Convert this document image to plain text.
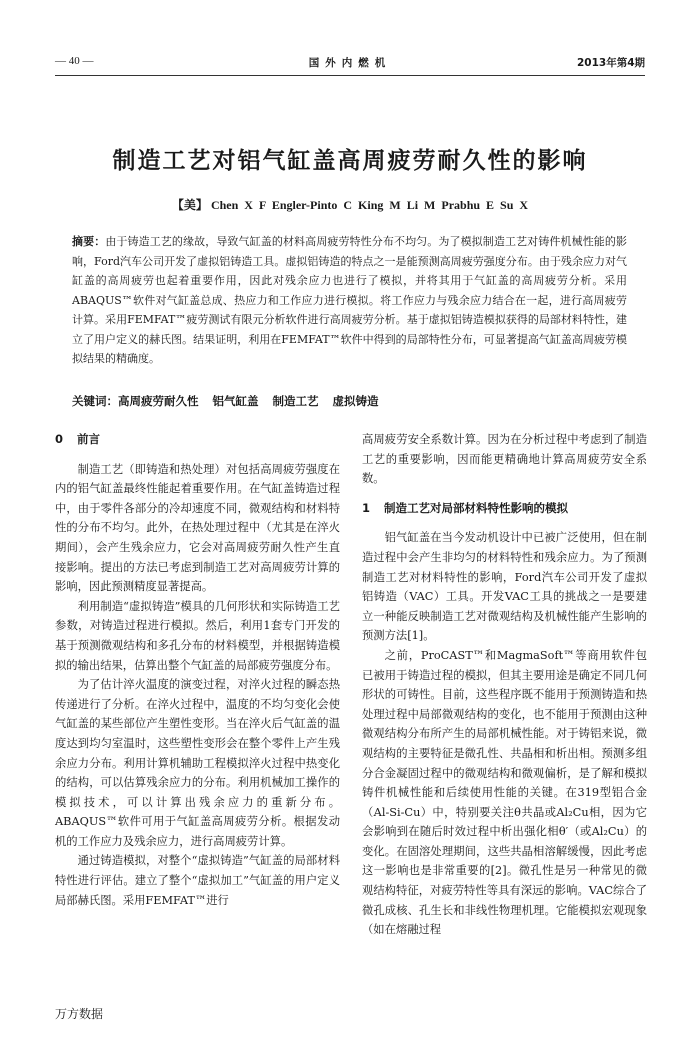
— 40 —	国外内燃机	2013年第4期
制造工艺对铝气缸盖高周疲劳耐久性的影响
【美】 Chen X F Engler-Pinto C King M Li M Prabhu E Su X
摘要：由于铸造工艺的缘故，导致气缸盖的材料高周疲劳特性分布不均匀。为了模拟制造工艺对铸件机械性能的影响，Ford汽车公司开发了虚拟铝铸造工具。虚拟铝铸造的特点之一是能预测高周疲劳强度分布。由于残余应力对气缸盖的高周疲劳也起着重要作用，因此对残余应力也进行了模拟，并将其用于气缸盖的高周疲劳分析。采用ABAQUS™软件对气缸盖总成、热应力和工作应力进行模拟。将工作应力与残余应力结合在一起，进行高周疲劳计算。采用FEMFAT™疲劳测试有限元分析软件进行高周疲劳分析。基于虚拟铝铸造模拟获得的局部材料特性，建立了用户定义的赫氏图。结果证明，利用在FEMFAT™软件中得到的局部特性分布，可显著提高气缸盖高周疲劳模拟结果的精确度。
关键词：高周疲劳耐久性 铝气缸盖 制造工艺 虚拟铸造
0 前言

制造工艺（即铸造和热处理）对包括高周疲劳强度在内的铝气缸盖最终性能起着重要作用。在气缸盖铸造过程中，由于零件各部分的冷却速度不同，微观结构和材料特性的分布不均匀。此外，在热处理过程中（尤其是在淬火期间），会产生残余应力，它会对高周疲劳耐久性产生直接影响。提出的方法已考虑到制造工艺对高周疲劳计算的影响，因此预测精度显著提高。

利用制造“虚拟铸造”模具的几何形状和实际铸造工艺参数，对铸造过程进行模拟。然后，利用1套专门开发的基于预测微观结构和多孔分布的材料模型，并根据铸造模拟的输出结果，估算出整个气缸盖的局部疲劳强度分布。

为了估计淬火温度的演变过程，对淬火过程的瞬态热传递进行了分析。在淬火过程中，温度的不均匀变化会使气缸盖的某些部位产生塑性变形。当在淬火后气缸盖的温度达到均匀室温时，这些塑性变形会在整个零件上产生残余应力分布。利用计算机辅助工程模拟淬火过程中热变化的结构，可以估算残余应力的分布。利用机械加工操作的模拟技术，可以计算出残余应力的重新分布。ABAQUS™软件可用于气缸盖高周疲劳分析。根据发动机的工作应力及残余应力，进行高周疲劳计算。

通过铸造模拟，对整个“虚拟铸造”气缸盖的局部材料特性进行评估。建立了整个“虚拟加工”气缸盖的用户定义局部赫氏图。采用FEMFAT™进行

高周疲劳安全系数计算。因为在分析过程中考虑到了制造工艺的重要影响，因而能更精确地计算高周疲劳安全系数。

1 制造工艺对局部材料特性影响的模拟

铝气缸盖在当今发动机设计中已被广泛使用，但在制造过程中会产生非均匀的材料特性和残余应力。为了预测制造工艺对材料特性的影响，Ford汽车公司开发了虚拟铝铸造（VAC）工具。开发VAC工具的挑战之一是要建立一种能反映制造工艺对微观结构及机械性能产生影响的预测方法[1]。

之前，ProCAST™和MagmaSoft™等商用软件包已被用于铸造过程的模拟，但其主要用途是确定不同几何形状的可铸性。目前，这些程序既不能用于预测铸造和热处理过程中局部微观结构的变化，也不能用于预测由这种微观结构分布所产生的局部机械性能。对于铸铝来说，微观结构的主要特征是微孔性、共晶相和析出相。预测多组分合金凝固过程中的微观结构和微观偏析，是了解和模拟铸件机械性能和后续使用性能的关键。在319型铝合金（Al-Si-Cu）中，特别要关注θ共晶或Al₂Cu相，因为它会影响到在随后时效过程中析出强化相θ′（或Al₂Cu）的变化。在固溶处理期间，这些共晶相溶解缓慢，因此考虑这一影响也是非常重要的[2]。微孔性是另一种常见的微观结构特征，对疲劳特性等具有深远的影响。VAC综合了微孔成核、孔生长和非线性物理机理。它能模拟宏观现象（如在熔融过程

万方数据
